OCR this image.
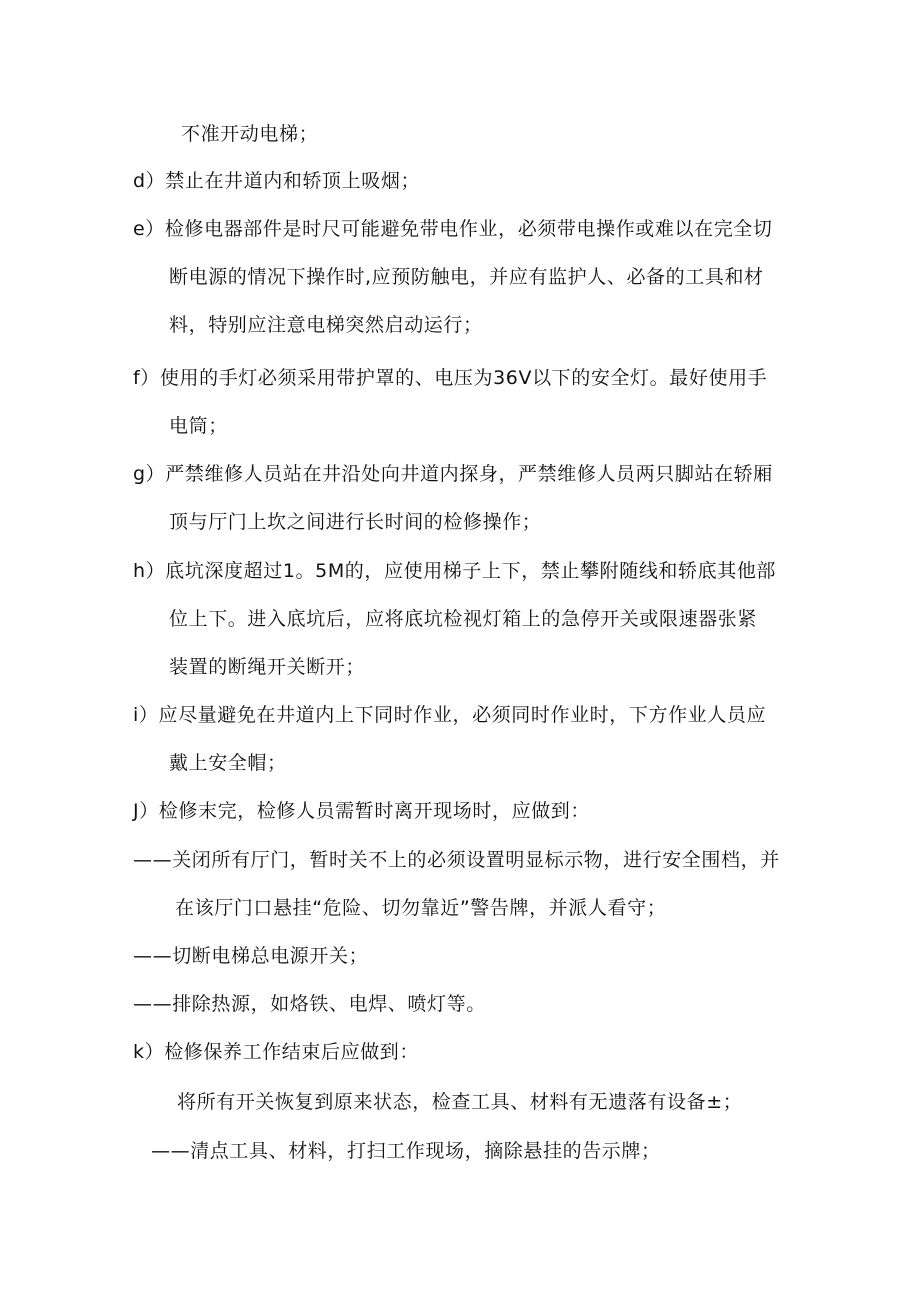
不准开动电梯；
d）禁止在井道内和轿顶上吸烟；
e）检修电器部件是时尺可能避免带电作业，必须带电操作或难以在完全切
断电源的情况下操作时,应预防触电，并应有监护人、必备的工具和材
料，特别应注意电梯突然启动运行；
f）使用的手灯必须采用带护罩的、电压为36V以下的安全灯。最好使用手
电筒；
g）严禁维修人员站在井沿处向井道内探身，严禁维修人员两只脚站在轿厢
顶与厅门上坎之间进行长时间的检修操作；
h）底坑深度超过1。5M的，应使用梯子上下，禁止攀附随线和轿底其他部
位上下。进入底坑后，应将底坑检视灯箱上的急停开关或限速器张紧
装置的断绳开关断开；
i）应尽量避免在井道内上下同时作业，必须同时作业时，下方作业人员应
戴上安全帽；
J）检修末完，检修人员需暂时离开现场时，应做到：
——关闭所有厅门，暂时关不上的必须设置明显标示物，进行安全围档，并
在该厅门口悬挂“危险、切勿靠近”警告牌，并派人看守；
——切断电梯总电源开关；
——排除热源，如烙铁、电焊、喷灯等。
k）检修保养工作结束后应做到：
将所有开关恢复到原来状态，检查工具、材料有无遗落有设备±；
——清点工具、材料，打扫工作现场，摘除悬挂的告示牌；
